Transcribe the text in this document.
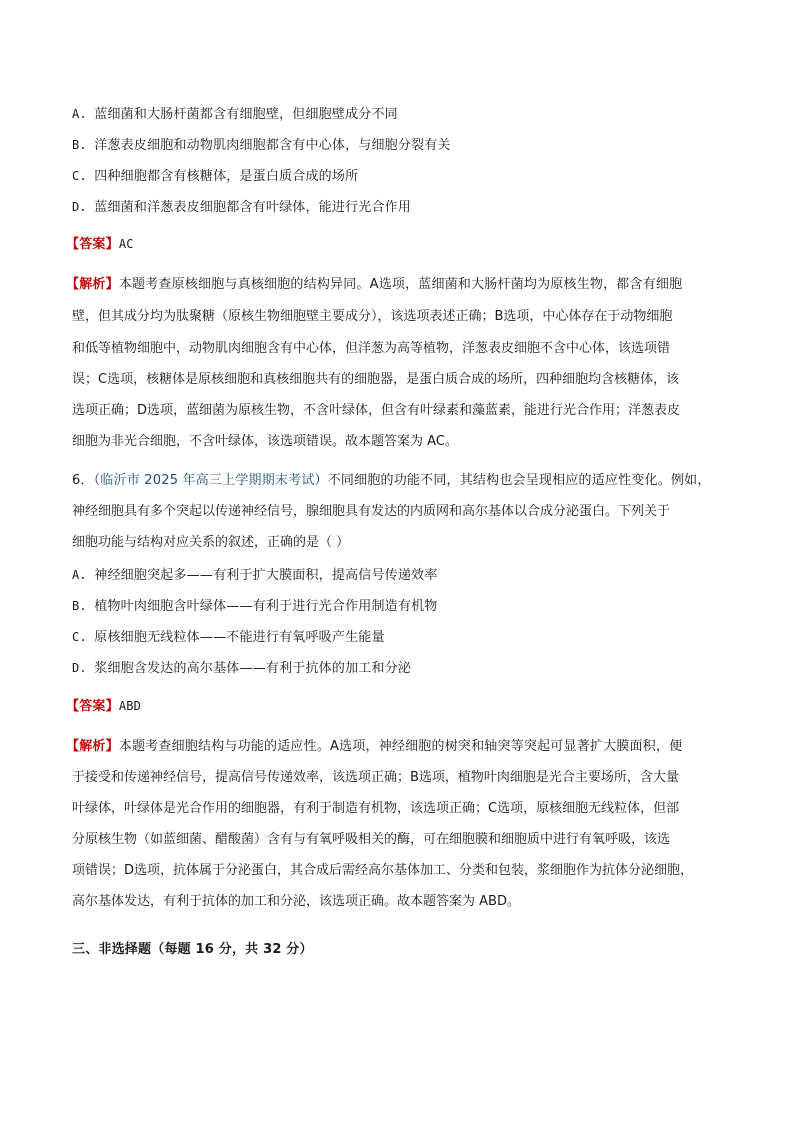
A. 蓝细菌和大肠杆菌都含有细胞壁，但细胞壁成分不同
B. 洋葱表皮细胞和动物肌肉细胞都含有中心体，与细胞分裂有关
C. 四种细胞都含有核糖体，是蛋白质合成的场所
D. 蓝细菌和洋葱表皮细胞都含有叶绿体，能进行光合作用
【答案】AC
【解析】本题考查原核细胞与真核细胞的结构异同。A选项，蓝细菌和大肠杆菌均为原核生物，都含有细胞
壁，但其成分均为肽聚糖（原核生物细胞壁主要成分），该选项表述正确；B选项，中心体存在于动物细胞
和低等植物细胞中，动物肌肉细胞含有中心体，但洋葱为高等植物，洋葱表皮细胞不含中心体，该选项错
误；C选项，核糖体是原核细胞和真核细胞共有的细胞器，是蛋白质合成的场所，四种细胞均含核糖体，该
选项正确；D选项，蓝细菌为原核生物，不含叶绿体，但含有叶绿素和藻蓝素，能进行光合作用；洋葱表皮
细胞为非光合细胞，不含叶绿体，该选项错误。故本题答案为 AC。
6．（临沂市 2025 年高三上学期期末考试）不同细胞的功能不同，其结构也会呈现相应的适应性变化。例如，
神经细胞具有多个突起以传递神经信号，腺细胞具有发达的内质网和高尔基体以合成分泌蛋白。下列关于
细胞功能与结构对应关系的叙述，正确的是（ ）
A. 神经细胞突起多——有利于扩大膜面积，提高信号传递效率
B. 植物叶肉细胞含叶绿体——有利于进行光合作用制造有机物
C. 原核细胞无线粒体——不能进行有氧呼吸产生能量
D. 浆细胞含发达的高尔基体——有利于抗体的加工和分泌
【答案】ABD
【解析】本题考查细胞结构与功能的适应性。A选项，神经细胞的树突和轴突等突起可显著扩大膜面积，便
于接受和传递神经信号，提高信号传递效率，该选项正确；B选项，植物叶肉细胞是光合主要场所，含大量
叶绿体，叶绿体是光合作用的细胞器，有利于制造有机物，该选项正确；C选项，原核细胞无线粒体，但部
分原核生物（如蓝细菌、醋酸菌）含有与有氧呼吸相关的酶，可在细胞膜和细胞质中进行有氧呼吸，该选
项错误；D选项，抗体属于分泌蛋白，其合成后需经高尔基体加工、分类和包装，浆细胞作为抗体分泌细胞，
高尔基体发达，有利于抗体的加工和分泌，该选项正确。故本题答案为 ABD。
三、非选择题（每题 16 分，共 32 分）
